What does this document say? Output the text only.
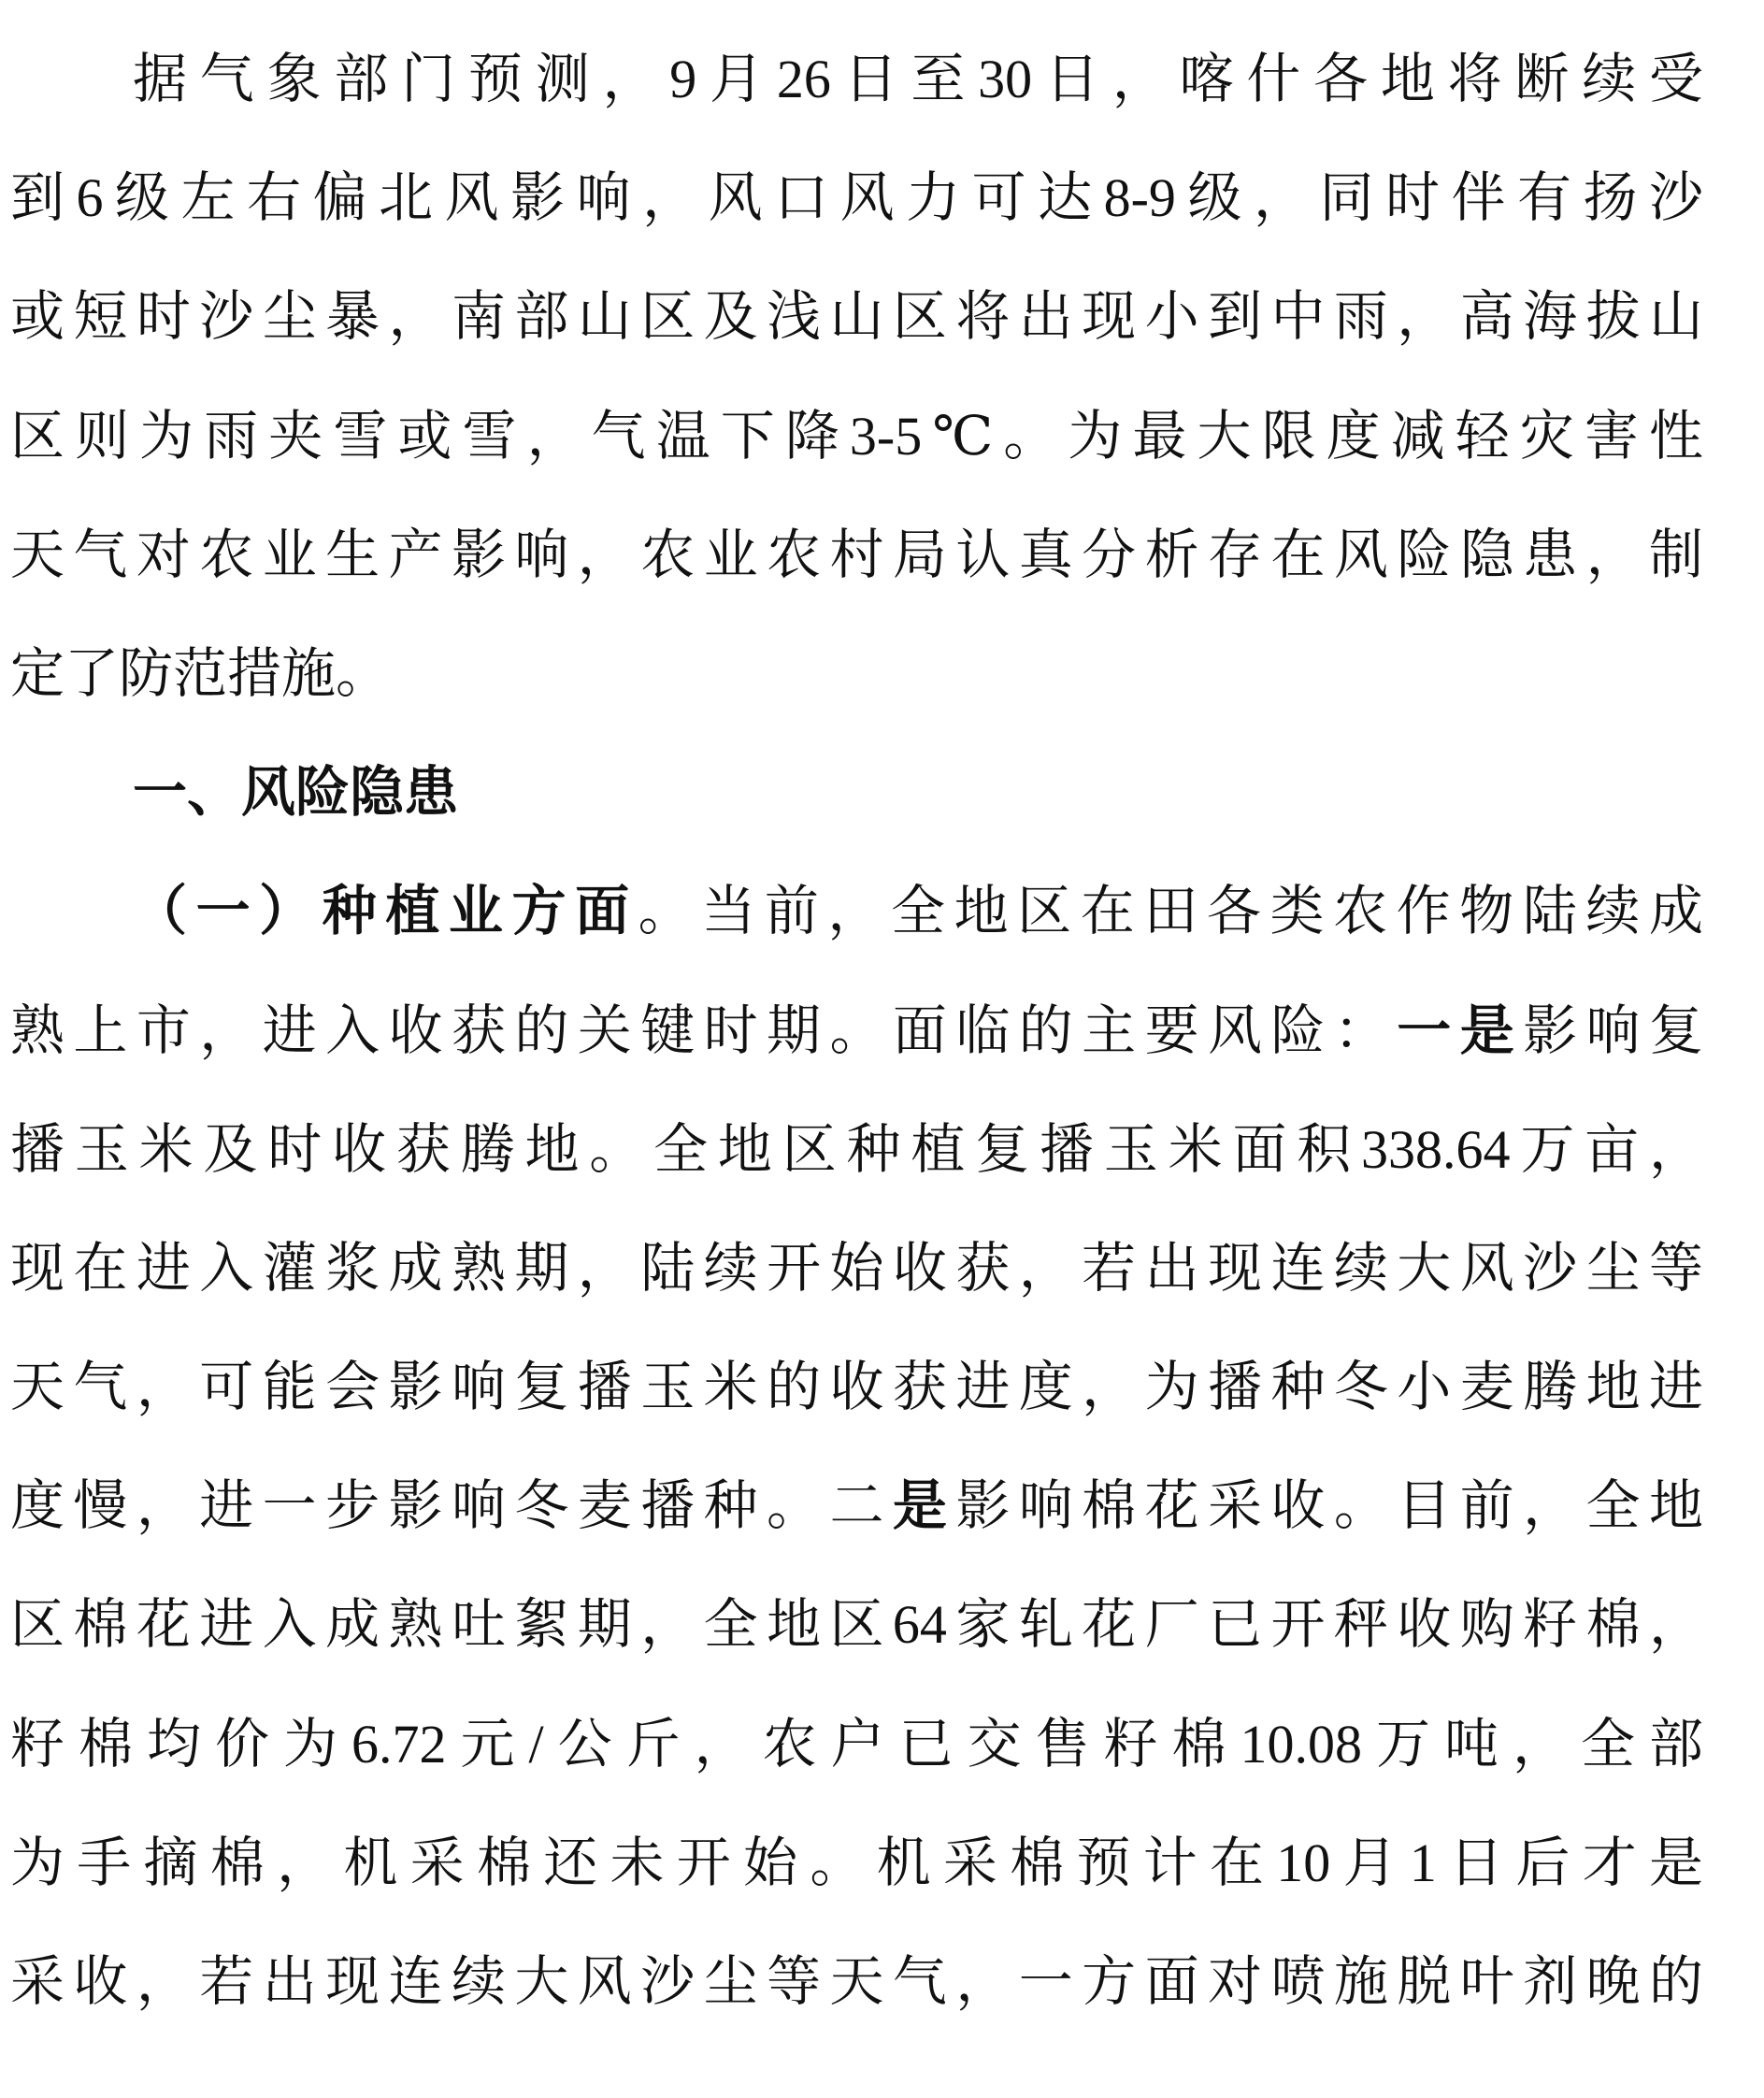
据气象部门预测，9月26日至30日，喀什各地将断续受
到6级左右偏北风影响，风口风力可达8-9级，同时伴有扬沙
或短时沙尘暴，南部山区及浅山区将出现小到中雨，高海拔山
区则为雨夹雪或雪，气温下降3-5℃。为最大限度减轻灾害性
天气对农业生产影响，农业农村局认真分析存在风险隐患，制
定了防范措施。
一、风险隐患
（一）种植业方面。当前，全地区在田各类农作物陆续成
熟上市，进入收获的关键时期。面临的主要风险：一是影响复
播玉米及时收获腾地。全地区种植复播玉米面积338.64万亩，
现在进入灌浆成熟期，陆续开始收获，若出现连续大风沙尘等
天气，可能会影响复播玉米的收获进度，为播种冬小麦腾地进
度慢，进一步影响冬麦播种。二是影响棉花采收。目前，全地
区棉花进入成熟吐絮期，全地区64家轧花厂已开秤收购籽棉，
籽棉均价为6.72元/公斤，农户已交售籽棉10.08万吨，全部
为手摘棉，机采棉还未开始。机采棉预计在10月1日后才是
采收，若出现连续大风沙尘等天气，一方面对喷施脱叶剂晚的
